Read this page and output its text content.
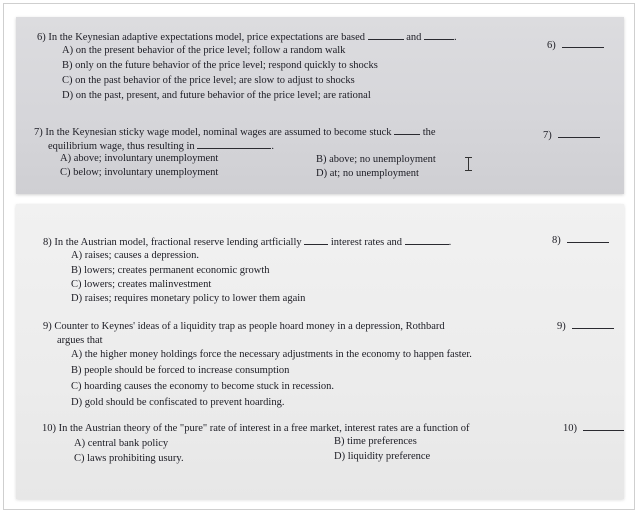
6) In the Keynesian adaptive expectations model, price expectations are based	and	.
6)
A) on the present behavior of the price level; follow a random walk
B) only on the future behavior of the price level; respond quickly to shocks
C) on the past behavior of the price level; are slow to adjust to shocks
D) on the past, present, and future behavior of the price level; are rational
7) In the Keynesian sticky wage model, nominal wages are assumed to become stuck	the
equilibrium wage, thus resulting in	.
7)
A) above; involuntary unemployment	B) above; no unemployment
C) below; involuntary unemployment	D) at; no unemployment
8) In the Austrian model, fractional reserve lending artficially	interest rates and	.	8)
A) raises; causes a depression.
B) lowers; creates permanent economic growth
C) lowers; creates malinvestment
D) raises; requires monetary policy to lower them again
9) Counter to Keynes' ideas of a liquidity trap as people hoard money in a depression, Rothbard
argues that
9)
A) the higher money holdings force the necessary adjustments in the economy to happen faster.
B) people should be forced to increase consumption
C) hoarding causes the economy to become stuck in recession.
D) gold should be confiscated to prevent hoarding.
10) In the Austrian theory of the "pure" rate of interest in a free market, interest rates are a function of	10)
A) central bank policy	B) time preferences
C) laws prohibiting usury.	D) liquidity preference
